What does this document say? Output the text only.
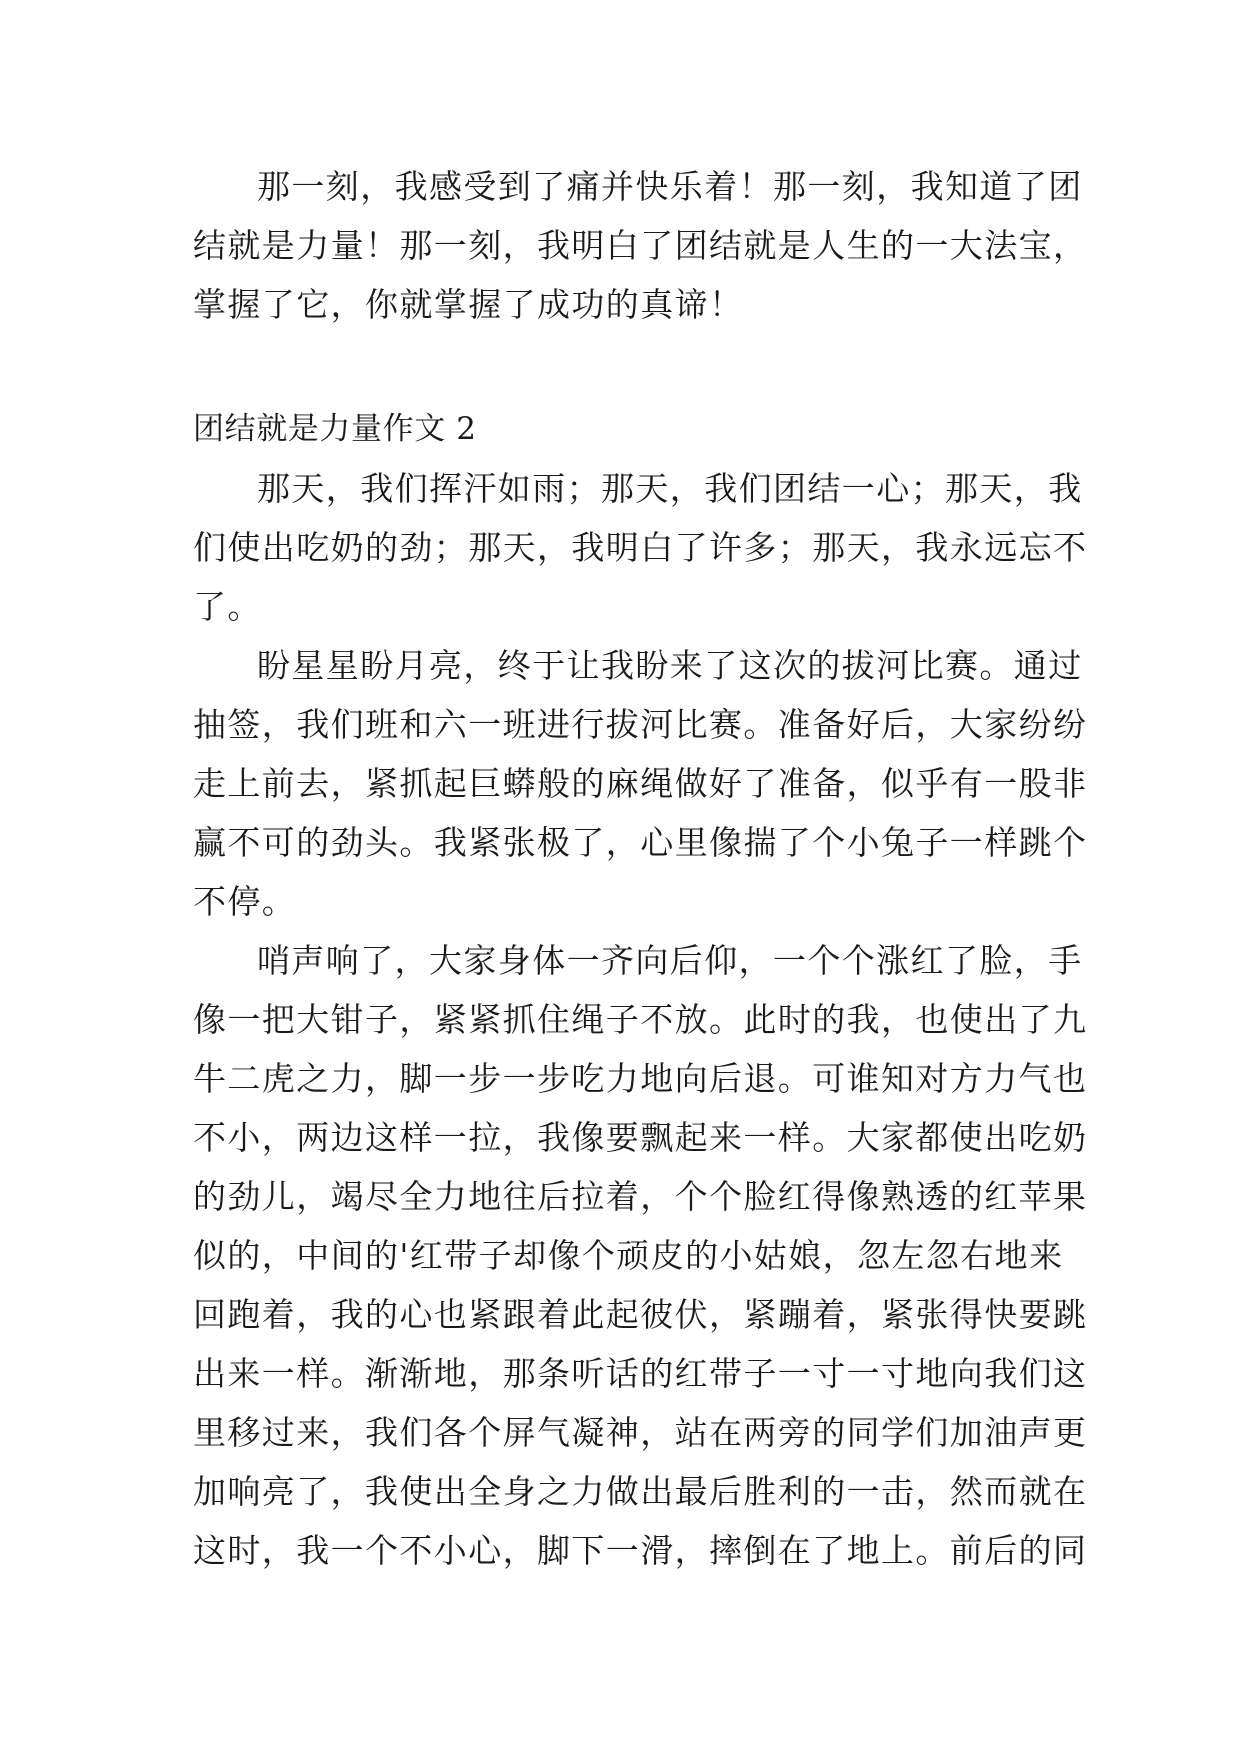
那一刻，我感受到了痛并快乐着！那一刻，我知道了团
结就是力量！那一刻，我明白了团结就是人生的一大法宝，
掌握了它，你就掌握了成功的真谛！
团结就是力量作文 2
那天，我们挥汗如雨；那天，我们团结一心；那天，我
们使出吃奶的劲；那天，我明白了许多；那天，我永远忘不
了。
盼星星盼月亮，终于让我盼来了这次的拔河比赛。通过
抽签，我们班和六一班进行拔河比赛。准备好后，大家纷纷
走上前去，紧抓起巨蟒般的麻绳做好了准备，似乎有一股非
赢不可的劲头。我紧张极了，心里像揣了个小兔子一样跳个
不停。
哨声响了，大家身体一齐向后仰，一个个涨红了脸，手
像一把大钳子，紧紧抓住绳子不放。此时的我，也使出了九
牛二虎之力，脚一步一步吃力地向后退。可谁知对方力气也
不小，两边这样一拉，我像要飘起来一样。大家都使出吃奶
的劲儿，竭尽全力地往后拉着，个个脸红得像熟透的红苹果
似的，中间的'红带子却像个顽皮的小姑娘，忽左忽右地来
回跑着，我的心也紧跟着此起彼伏，紧蹦着，紧张得快要跳
出来一样。渐渐地，那条听话的红带子一寸一寸地向我们这
里移过来，我们各个屏气凝神，站在两旁的同学们加油声更
加响亮了，我使出全身之力做出最后胜利的一击，然而就在
这时，我一个不小心，脚下一滑，摔倒在了地上。前后的同
